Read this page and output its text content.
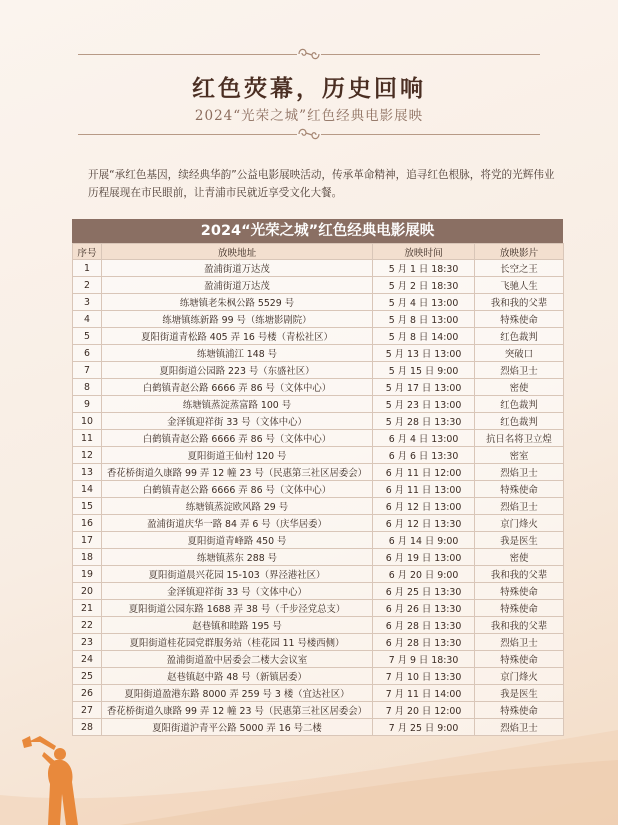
红色荧幕，历史回响
2024“光荣之城”红色经典电影展映
开展“承红色基因，续经典华韵”公益电影展映活动，传承革命精神，追寻红色根脉，将党的光辉伟业历程展现在市民眼前，让青浦市民就近享受文化大餐。
2024“光荣之城”红色经典电影展映
序号	放映地址	放映时间	放映影片
1	盈浦街道万达茂	5 月 1 日 18:30	长空之王
2	盈浦街道万达茂	5 月 2 日 18:30	飞驰人生
3	练塘镇老朱枫公路 5529 号	5 月 4 日 13:00	我和我的父辈
4	练塘镇练新路 99 号（练塘影剧院）	5 月 8 日 13:00	特殊使命
5	夏阳街道青松路 405 弄 16 号楼（青松社区）	5 月 8 日 14:00	红色裁判
6	练塘镇浦江 148 号	5 月 13 日 13:00	突破口
7	夏阳街道公园路 223 号（东盛社区）	5 月 15 日 9:00	烈焰卫士
8	白鹤镇青赵公路 6666 弄 86 号（文体中心）	5 月 17 日 13:00	密使
9	练塘镇蒸淀蒸富路 100 号	5 月 23 日 13:00	红色裁判
10	金泽镇迎祥街 33 号（文体中心）	5 月 28 日 13:30	红色裁判
11	白鹤镇青赵公路 6666 弄 86 号（文体中心）	6 月 4 日 13:00	抗日名将卫立煌
12	夏阳街道王仙村 120 号	6 月 6 日 13:30	密室
13	香花桥街道久康路 99 弄 12 幢 23 号（民惠第三社区居委会）	6 月 11 日 12:00	烈焰卫士
14	白鹤镇青赵公路 6666 弄 86 号（文体中心）	6 月 11 日 13:00	特殊使命
15	练塘镇蒸淀欧风路 29 号	6 月 12 日 13:00	烈焰卫士
16	盈浦街道庆华一路 84 弄 6 号（庆华居委）	6 月 12 日 13:30	京门烽火
17	夏阳街道青峰路 450 号	6 月 14 日 9:00	我是医生
18	练塘镇蒸东 288 号	6 月 19 日 13:00	密使
19	夏阳街道晨兴花园 15-103（界泾港社区）	6 月 20 日 9:00	我和我的父辈
20	金泽镇迎祥街 33 号（文体中心）	6 月 25 日 13:30	特殊使命
21	夏阳街道公园东路 1688 弄 38 号（千步泾党总支）	6 月 26 日 13:30	特殊使命
22	赵巷镇和睦路 195 号	6 月 28 日 13:30	我和我的父辈
23	夏阳街道桂花园党群服务站（桂花园 11 号楼西侧）	6 月 28 日 13:30	烈焰卫士
24	盈浦街道盈中居委会二楼大会议室	7 月 9 日 18:30	特殊使命
25	赵巷镇赵中路 48 号（新镇居委）	7 月 10 日 13:30	京门烽火
26	夏阳街道盈港东路 8000 弄 259 号 3 楼（宜达社区）	7 月 11 日 14:00	我是医生
27	香花桥街道久康路 99 弄 12 幢 23 号（民惠第三社区居委会）	7 月 20 日 12:00	特殊使命
28	夏阳街道沪青平公路 5000 弄 16 号二楼	7 月 25 日 9:00	烈焰卫士
